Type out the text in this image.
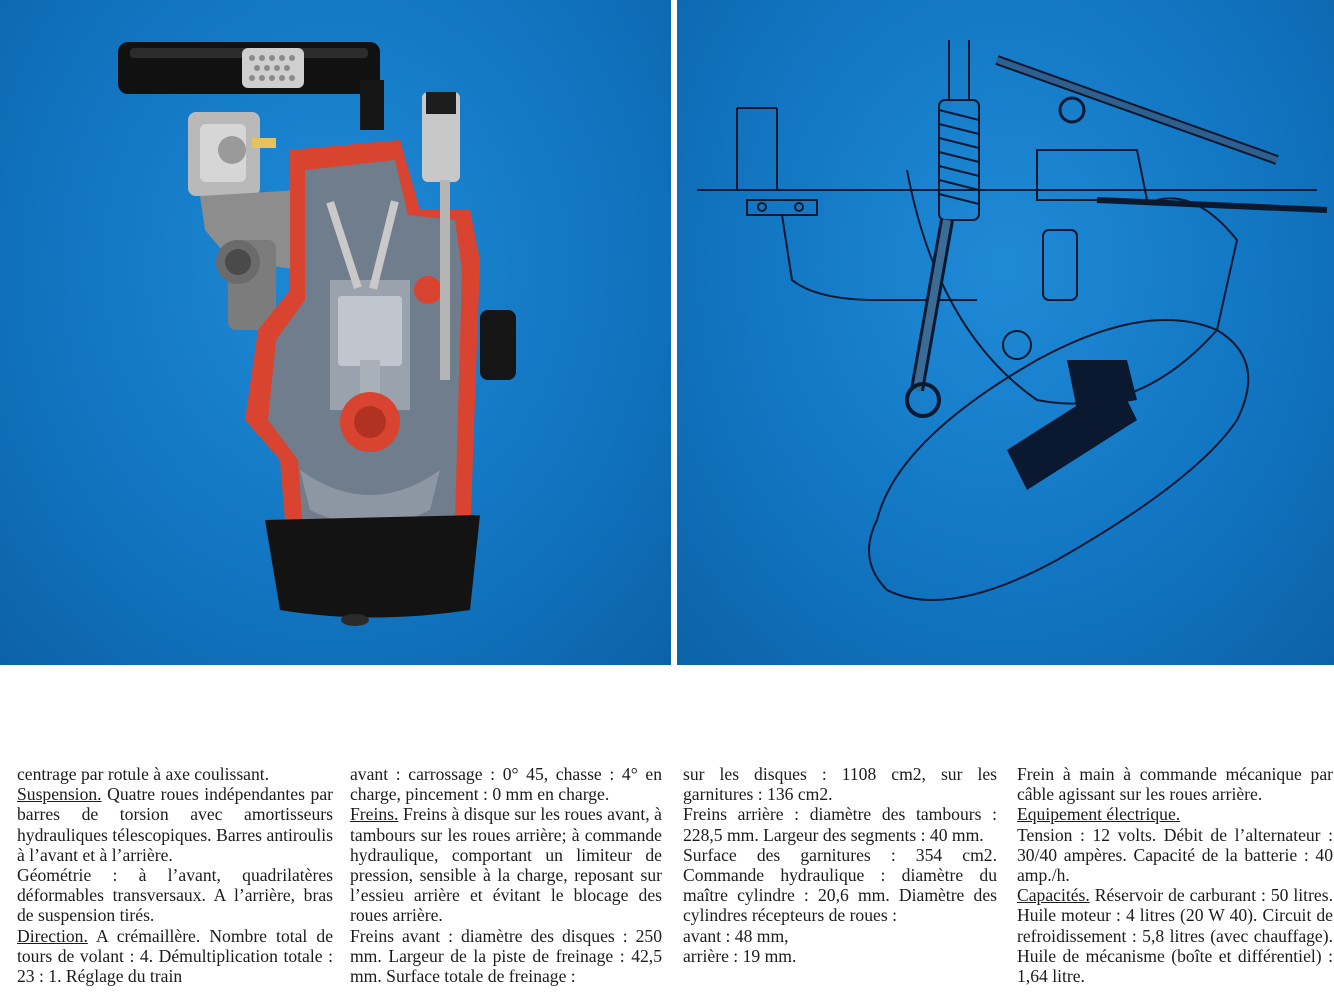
centrage par rotule à axe coulissant.

Suspension. Quatre roues indépendantes par barres de torsion avec amortisseurs hydrauliques télescopiques. Barres antiroulis à l’avant et à l’arrière.

Géométrie : à l’avant, quadrilatères déformables transversaux. A l’arrière, bras de suspension tirés.

Direction. A crémaillère. Nombre total de tours de volant : 4. Démultiplication totale : 23 : 1. Réglage du train

avant : carrossage : 0° 45, chasse : 4° en charge, pincement : 0 mm en charge.

Freins. Freins à disque sur les roues avant, à tambours sur les roues arrière; à commande hydraulique, comportant un limiteur de pression, sensible à la charge, reposant sur l’essieu arrière et évitant le blocage des roues arrière.

Freins avant : diamètre des disques : 250 mm. Largeur de la piste de freinage : 42,5 mm. Surface totale de freinage :

sur les disques : 1108 cm2, sur les garnitures : 136 cm2.

Freins arrière : diamètre des tambours : 228,5 mm. Largeur des segments : 40 mm.

Surface des garnitures : 354 cm2. Commande hydraulique : diamètre du maître cylindre : 20,6 mm. Diamètre des cylindres récepteurs de roues :

avant : 48 mm,

arrière : 19 mm.

Frein à main à commande mécanique par câble agissant sur les roues arrière.

Equipement électrique.

Tension : 12 volts. Débit de l’alternateur : 30/40 ampères. Capacité de la batterie : 40 amp./h.

Capacités. Réservoir de carburant : 50 litres. Huile moteur : 4 litres (20 W 40). Circuit de refroidissement : 5,8 litres (avec chauffage). Huile de mécanisme (boîte et différentiel) : 1,64 litre.
